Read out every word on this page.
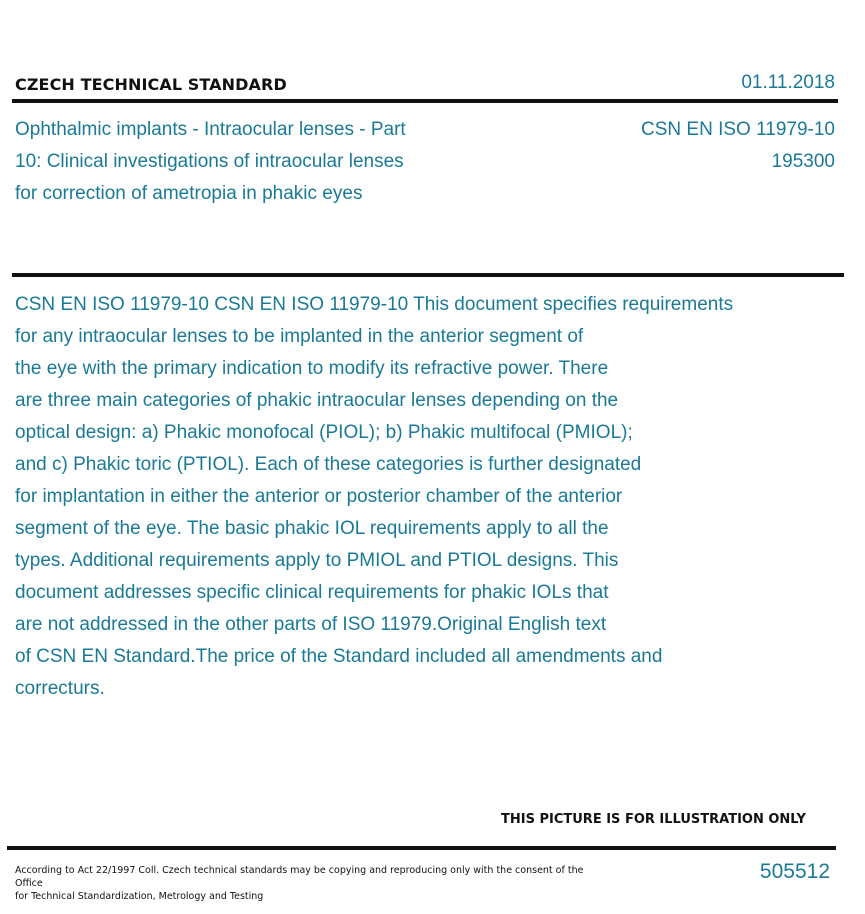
CZECH TECHNICAL STANDARD	01.11.2018
Ophthalmic implants - Intraocular lenses - Part
10: Clinical investigations of intraocular lenses
for correction of ametropia in phakic eyes
CSN EN ISO 11979-10
195300
CSN EN ISO 11979-10 CSN EN ISO 11979-10 This document specifies requirements
for any intraocular lenses to be implanted in the anterior segment of
the eye with the primary indication to modify its refractive power. There
are three main categories of phakic intraocular lenses depending on the
optical design: a) Phakic monofocal (PIOL); b) Phakic multifocal (PMIOL);
and c) Phakic toric (PTIOL). Each of these categories is further designated
for implantation in either the anterior or posterior chamber of the anterior
segment of the eye. The basic phakic IOL requirements apply to all the
types. Additional requirements apply to PMIOL and PTIOL designs. This
document addresses specific clinical requirements for phakic IOLs that
are not addressed in the other parts of ISO 11979.Original English text
of CSN EN Standard.The price of the Standard included all amendments and
correcturs.
THIS PICTURE IS FOR ILLUSTRATION ONLY
According to Act 22/1997 Coll. Czech technical standards may be copying and reproducing only with the consent of the Office
for Technical Standardization, Metrology and Testing
505512
